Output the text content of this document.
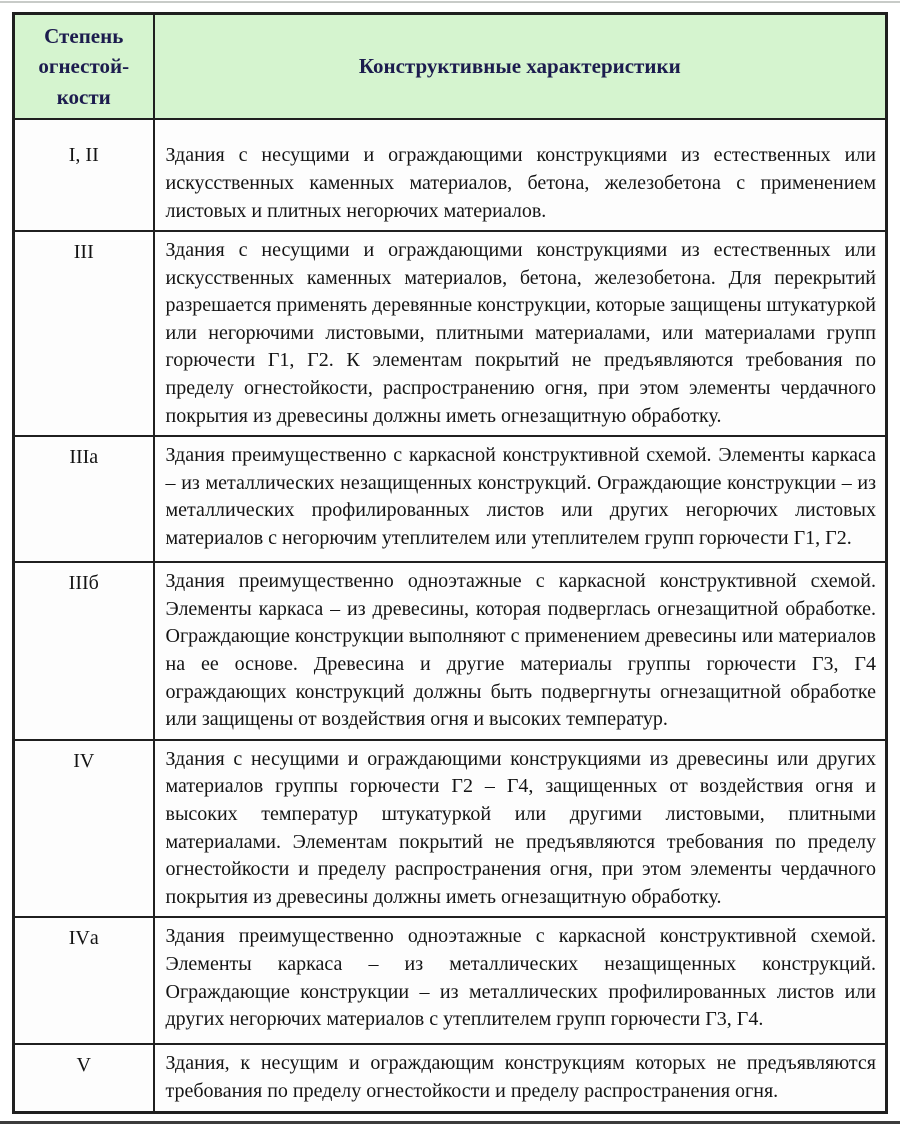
Степень огнестой-кости	Конструктивные характеристики
I, II	Здания с несущими и ограждающими конструкциями из естественных или искусственных каменных материалов, бетона, железобетона с применением листовых и плитных негорючих материалов.
III	Здания с несущими и ограждающими конструкциями из естественных или искусственных каменных материалов, бетона, железобетона. Для перекрытий разрешается применять деревянные конструкции, которые защищены штукатуркой или негорючими листовыми, плитными материалами, или материалами групп горючести Г1, Г2. К элементам покрытий не предъявляются требования по пределу огнестойкости, распространению огня, при этом элементы чердачного покрытия из древесины должны иметь огнезащитную обработку.
IIIа	Здания преимущественно с каркасной конструктивной схемой. Элементы каркаса – из металлических незащищенных конструкций. Ограждающие конструкции – из металлических профилированных листов или других негорючих листовых материалов с негорючим утеплителем или утеплителем групп горючести Г1, Г2.
IIIб	Здания преимущественно одноэтажные с каркасной конструктивной схемой. Элементы каркаса – из древесины, которая подверглась огнезащитной обработке. Ограждающие конструкции выполняют с применением древесины или материалов на ее основе. Древесина и другие материалы группы горючести Г3, Г4 ограждающих конструкций должны быть подвергнуты огнезащитной обработке или защищены от воздействия огня и высоких температур.
IV	Здания с несущими и ограждающими конструкциями из древесины или других материалов группы горючести Г2 – Г4, защищенных от воздействия огня и высоких температур штукатуркой или другими листовыми, плитными материалами. Элементам покрытий не предъявляются требования по пределу огнестойкости и пределу распространения огня, при этом элементы чердачного покрытия из древесины должны иметь огнезащитную обработку.
IVа	Здания преимущественно одноэтажные с каркасной конструктивной схемой. Элементы каркаса – из металлических незащищенных конструкций. Ограждающие конструкции – из металлических профилированных листов или других негорючих материалов с утеплителем групп горючести Г3, Г4.
V	Здания, к несущим и ограждающим конструкциям которых не предъявляются требования по пределу огнестойкости и пределу распространения огня.
